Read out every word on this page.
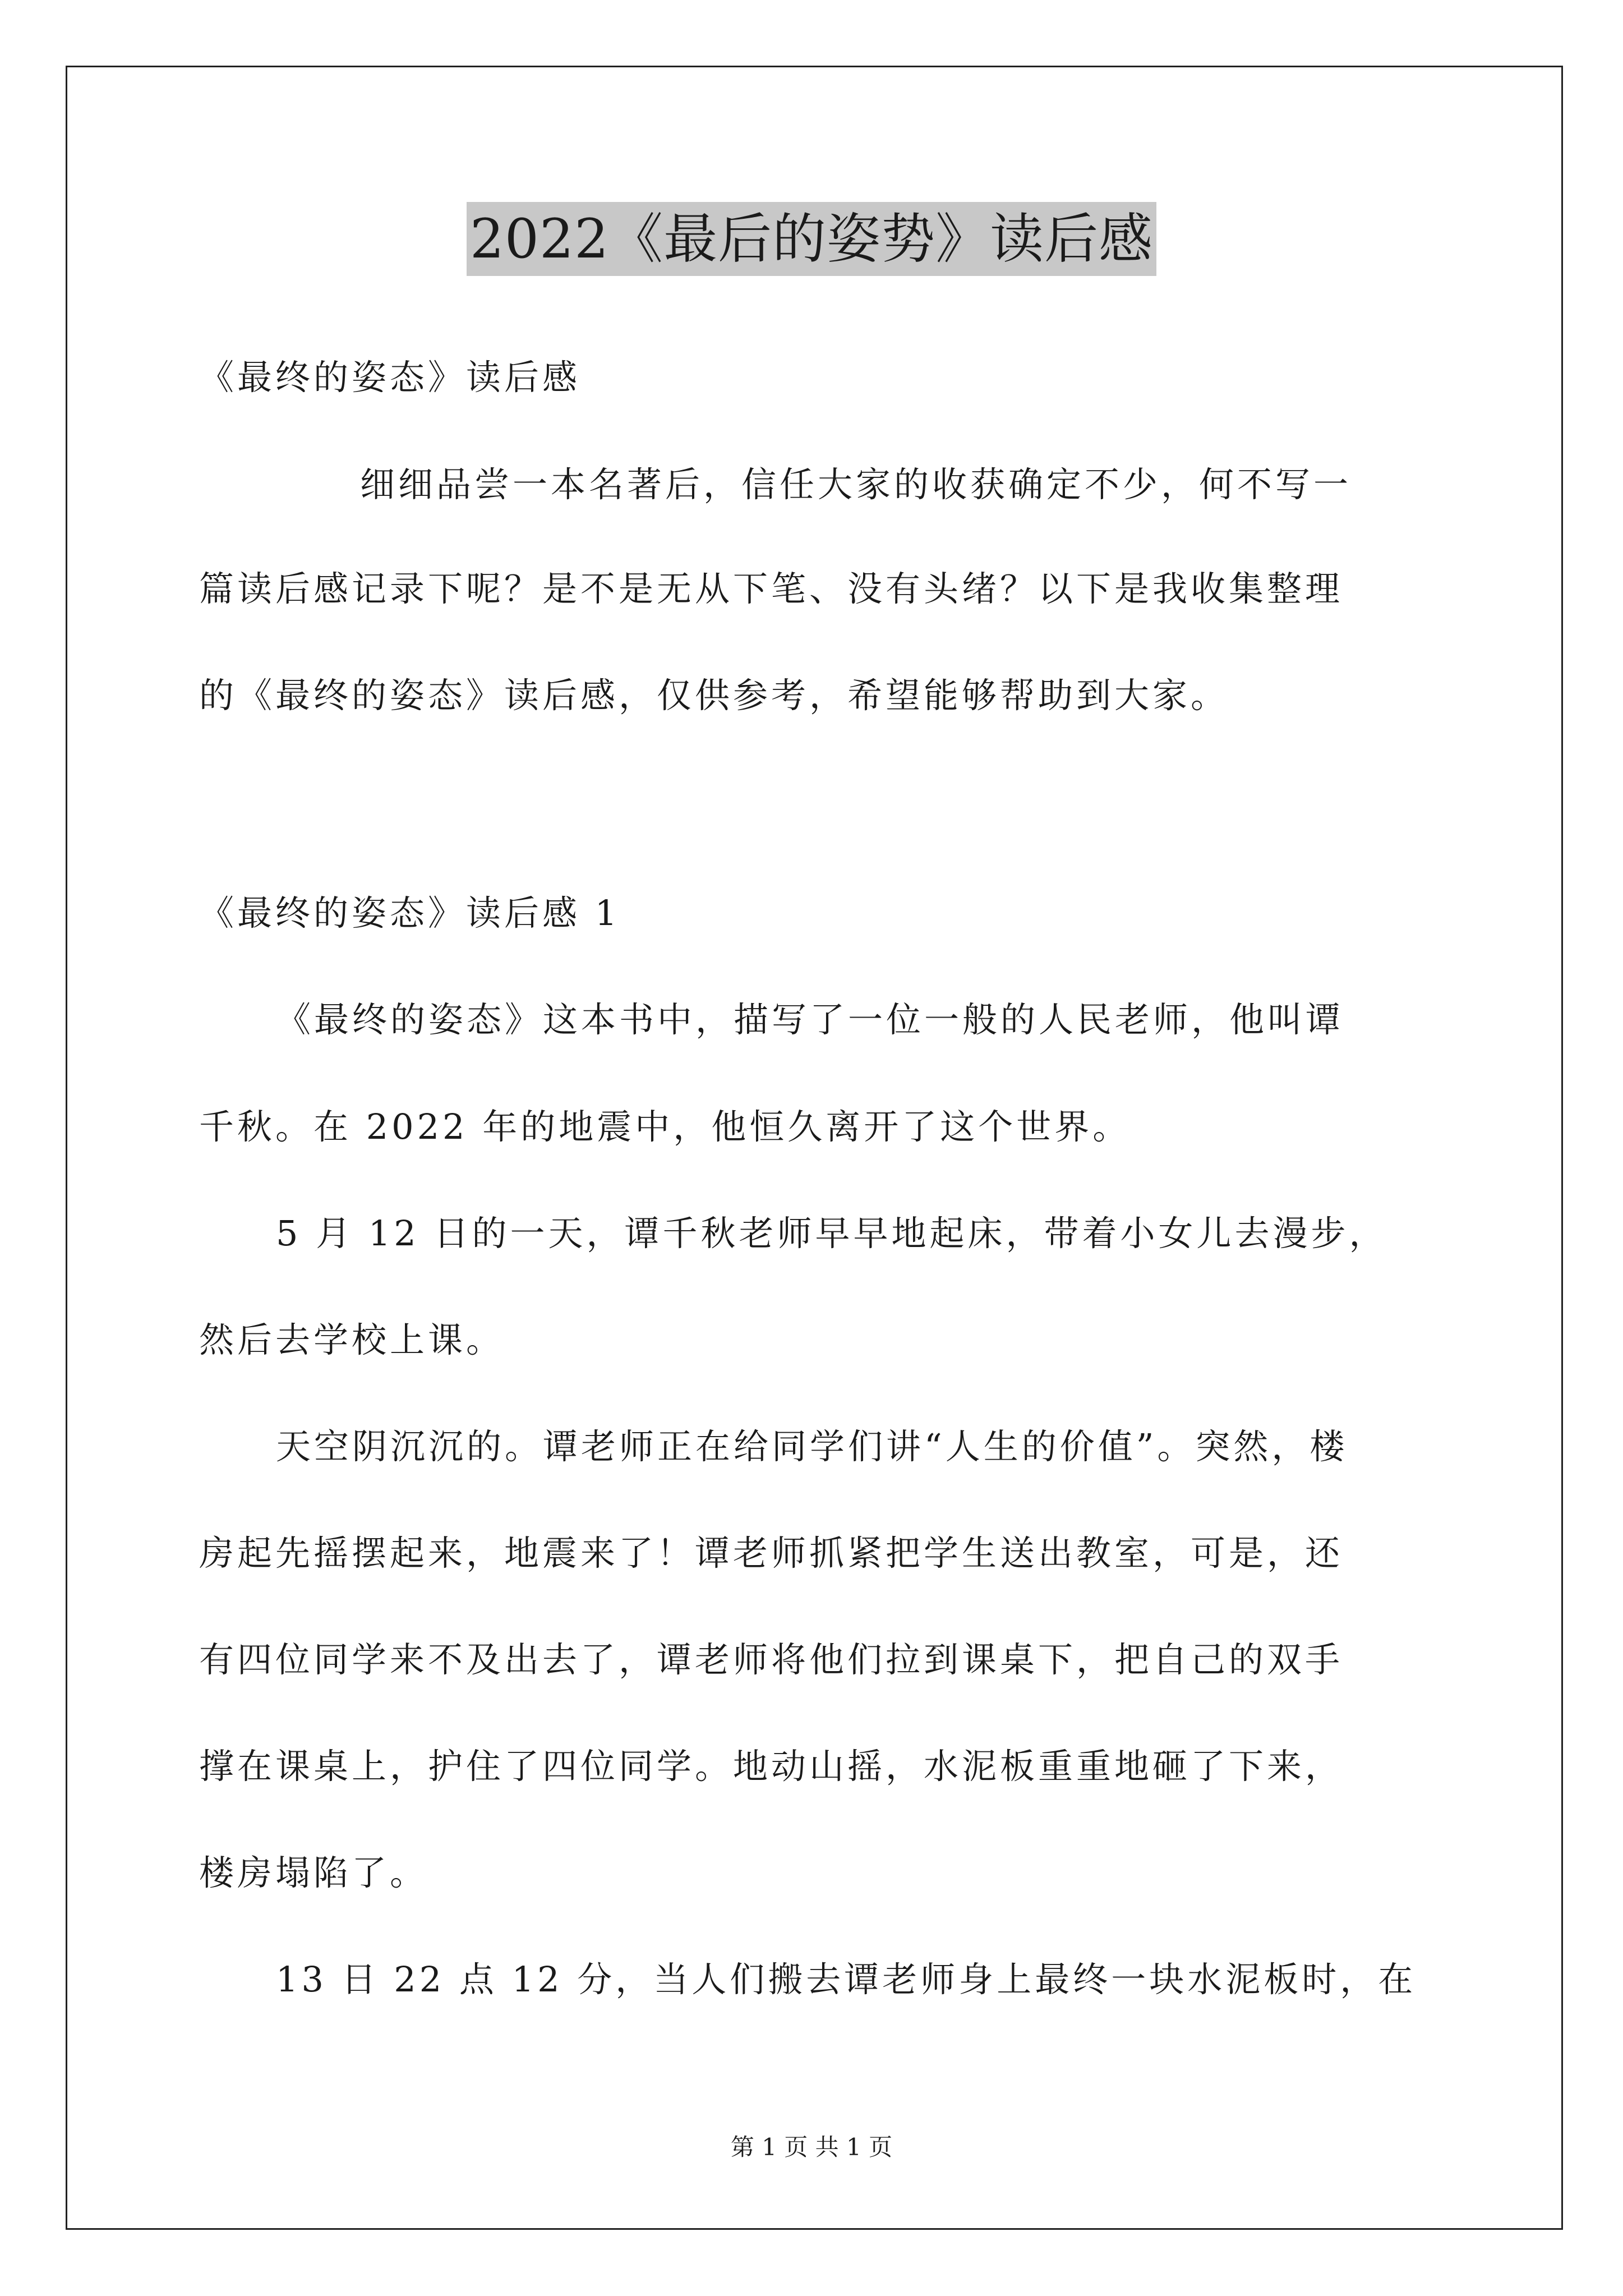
2022《最后的姿势》读后感
《最终的姿态》读后感
细细品尝一本名著后，信任大家的收获确定不少，何不写一
篇读后感记录下呢？是不是无从下笔、没有头绪？以下是我收集整理
的《最终的姿态》读后感，仅供参考，希望能够帮助到大家。
《最终的姿态》读后感 1
《最终的姿态》这本书中，描写了一位一般的人民老师，他叫谭
千秋。在 2022 年的地震中，他恒久离开了这个世界。
5 月 12 日的一天，谭千秋老师早早地起床，带着小女儿去漫步，
然后去学校上课。
天空阴沉沉的。谭老师正在给同学们讲“人生的价值”。突然，楼
房起先摇摆起来，地震来了！谭老师抓紧把学生送出教室，可是，还
有四位同学来不及出去了，谭老师将他们拉到课桌下，把自己的双手
撑在课桌上，护住了四位同学。地动山摇，水泥板重重地砸了下来，
楼房塌陷了。
13 日 22 点 12 分，当人们搬去谭老师身上最终一块水泥板时，在
第 1 页 共 1 页
